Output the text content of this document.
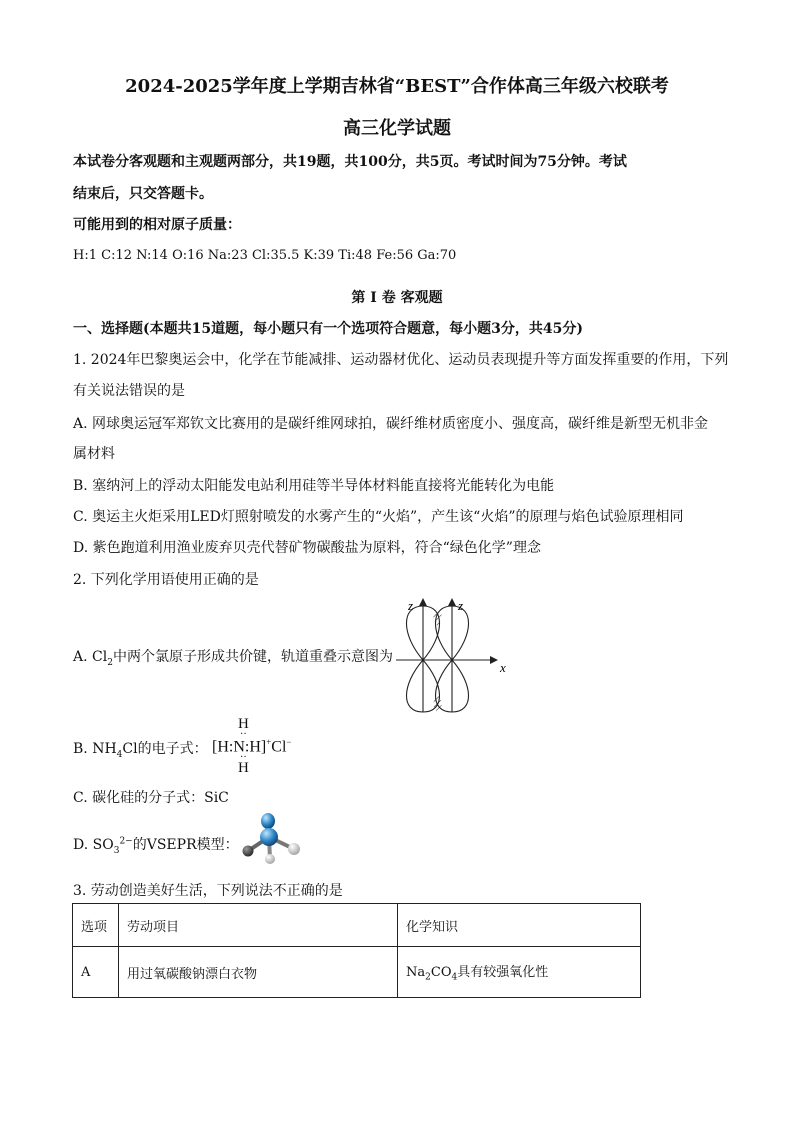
2024-2025学年度上学期吉林省“BEST”合作体高三年级六校联考
高三化学试题
本试卷分客观题和主观题两部分，共19题，共100分，共5页。考试时间为75分钟。考试
结束后，只交答题卡。
可能用到的相对原子质量：
H:1 C:12 N:14 O:16 Na:23 Cl:35.5 K:39 Ti:48 Fe:56 Ga:70
第 I 卷 客观题
一、选择题(本题共15道题，每小题只有一个选项符合题意，每小题3分，共45分)
1. 2024年巴黎奥运会中，化学在节能减排、运动器材优化、运动员表现提升等方面发挥重要的作用，下列
有关说法错误的是
A. 网球奥运冠军郑钦文比赛用的是碳纤维网球拍，碳纤维材质密度小、强度高，碳纤维是新型无机非金
属材料
B. 塞纳河上的浮动太阳能发电站利用硅等半导体材料能直接将光能转化为电能
C. 奥运主火炬采用LED灯照射喷发的水雾产生的“火焰”，产生该“火焰”的原理与焰色试验原理相同
D. 紫色跑道利用渔业废弃贝壳代替矿物碳酸盐为原料，符合“绿色化学”理念
2. 下列化学用语使用正确的是
A. $Cl_2$中两个氯原子形成共价键，轨道重叠示意图为
z	z
x
B. $NH_4Cl$的电子式：
H
··
[H:N:H]+Cl−
··
H
C. 碳化硅的分子式：SiC
D. $SO_3^{2-}$的VSEPR模型：
3. 劳动创造美好生活，下列说法不正确的是
选项	劳动项目	化学知识
A	用过氧碳酸钠漂白衣物	$Na_2CO_4$具有较强氧化性
